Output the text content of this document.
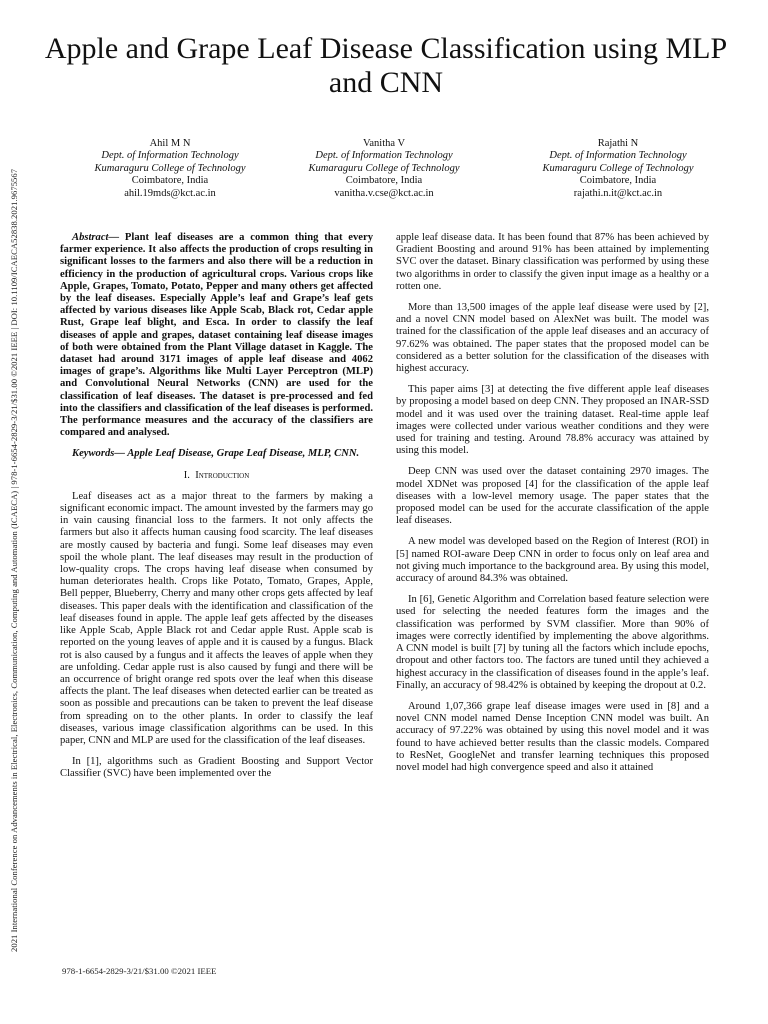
2021 International Conference on Advancements in Electrical, Electronics, Communication, Computing and Automation (ICAECA) | 978-1-6654-2829-3/21/$31.00 ©2021 IEEE | DOI: 10.1109/ICAECA52838.2021.9675567
Apple and Grape Leaf Disease Classification using MLP and CNN
Ahil M N
Dept. of Information Technology
Kumaraguru College of Technology
Coimbatore, India
ahil.19mds@kct.ac.in
Vanitha V
Dept. of Information Technology
Kumaraguru College of Technology
Coimbatore, India
vanitha.v.cse@kct.ac.in
Rajathi N
Dept. of Information Technology
Kumaraguru College of Technology
Coimbatore, India
rajathi.n.it@kct.ac.in

Abstract— Plant leaf diseases are a common thing that every farmer experience. It also affects the production of crops resulting in significant losses to the farmers and also there will be a reduction in efficiency in the production of agricultural crops. Various crops like Apple, Grapes, Tomato, Potato, Pepper and many others get affected by the leaf diseases. Especially Apple’s leaf and Grape’s leaf gets affected by various diseases like Apple Scab, Black rot, Cedar apple Rust, Grape leaf blight, and Esca. In order to classify the leaf diseases of apple and grapes, dataset containing leaf disease images of both were obtained from the Plant Village dataset in Kaggle. The dataset had around 3171 images of apple leaf disease and 4062 images of grape’s. Algorithms like Multi Layer Perceptron (MLP) and Convolutional Neural Networks (CNN) are used for the classification of leaf diseases. The dataset is pre-processed and fed into the classifiers and classification of the leaf diseases is performed. The performance measures and the accuracy of the classifiers are compared and analysed.

Keywords— Apple Leaf Disease, Grape Leaf Disease, MLP, CNN.

I. Introduction

Leaf diseases act as a major threat to the farmers by making a significant economic impact. The amount invested by the farmers may go in vain causing financial loss to the farmers. It not only affects the farmers but also it affects human causing food scarcity. The leaf diseases are mostly caused by bacteria and fungi. Some leaf diseases may even spoil the whole plant. The leaf diseases may result in the production of low-quality crops. The crops having leaf disease when consumed by human deteriorates health. Crops like Potato, Tomato, Grapes, Apple, Bell pepper, Blueberry, Cherry and many other crops gets affected by leaf diseases. This paper deals with the identification and classification of the leaf diseases found in apple. The apple leaf gets affected by the diseases like Apple Scab, Apple Black rot and Cedar apple Rust. Apple scab is reported on the young leaves of apple and it is caused by a fungus. Black rot is also caused by a fungus and it affects the leaves of apple when they are unfolding. Cedar apple rust is also caused by fungi and there will be an occurrence of bright orange red spots over the leaf when this disease affects the plant. The leaf diseases when detected earlier can be treated as soon as possible and precautions can be taken to prevent the leaf disease from spreading on to the other plants. In order to classify the leaf diseases, various image classification algorithms can be used. In this paper, CNN and MLP are used for the classification of the leaf diseases.

In [1], algorithms such as Gradient Boosting and Support Vector Classifier (SVC) have been implemented over the

apple leaf disease data. It has been found that 87% has been achieved by Gradient Boosting and around 91% has been attained by implementing SVC over the dataset. Binary classification was performed by using these two algorithms in order to classify the given input image as a healthy or a rotten one.

More than 13,500 images of the apple leaf disease were used by [2], and a novel CNN model based on AlexNet was built. The model was trained for the classification of the apple leaf diseases and an accuracy of 97.62% was obtained. The paper states that the proposed model can be considered as a better solution for the classification of the diseases with highest accuracy.

This paper aims [3] at detecting the five different apple leaf diseases by proposing a model based on deep CNN. They proposed an INAR-SSD model and it was used over the training dataset. Real-time apple leaf images were collected under various weather conditions and they were used for training and testing. Around 78.8% accuracy was attained by using this model.

Deep CNN was used over the dataset containing 2970 images. The model XDNet was proposed [4] for the classification of the apple leaf diseases with a low-level memory usage. The paper states that the proposed model can be used for the accurate classification of the apple leaf diseases.

A new model was developed based on the Region of Interest (ROI) in [5] named ROI-aware Deep CNN in order to focus only on leaf area and not giving much importance to the background area. By using this model, accuracy of around 84.3% was obtained.

In [6], Genetic Algorithm and Correlation based feature selection were used for selecting the needed features form the images and the classification was performed by SVM classifier. More than 90% of images were correctly identified by implementing the above algorithms. A CNN model is built [7] by tuning all the factors which include epochs, dropout and other factors too. The factors are tuned until they achieved a highest accuracy in the classification of diseases found in the apple’s leaf. Finally, an accuracy of 98.42% is obtained by keeping the dropout at 0.2.

Around 1,07,366 grape leaf disease images were used in [8] and a novel CNN model named Dense Inception CNN model was built. An accuracy of 97.22% was obtained by using this novel model and it was found to have achieved better results than the classic models. Compared to ResNet, GoogleNet and transfer learning techniques this proposed novel model had high convergence speed and also it attained

978-1-6654-2829-3/21/$31.00 ©2021 IEEE
